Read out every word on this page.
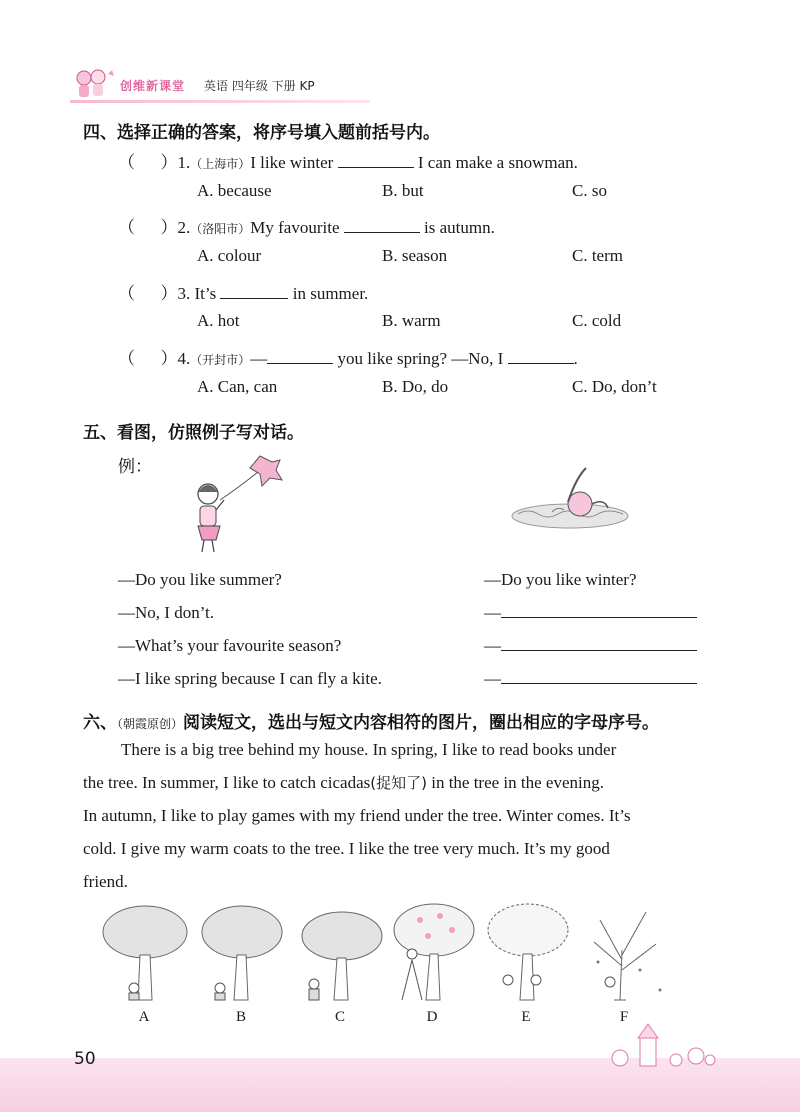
创维新课堂 英语 四年级 下册 KP
四、选择正确的答案，将序号填入题前括号内。
（      ）1.（上海市）I like winter	I can make a snowman.
A. because	B. but	C. so
（      ）2.（洛阳市）My favourite	is autumn.
A. colour	B. season	C. term
（      ）3. It’s	in summer.
A. hot	B. warm	C. cold
（      ）4.（开封市）—	you like spring? —No, I	.
A. Can, can	B. Do, do	C. Do, don’t
五、看图，仿照例子写对话。
例：
—Do you like summer?
—No, I don’t.
—What’s your favourite season?
—I like spring because I can fly a kite.
—Do you like winter?
—
—
—
六、（朝霞原创）阅读短文，选出与短文内容相符的图片，圈出相应的字母序号。
There is a big tree behind my house. In spring, I like to read books under
the tree. In summer, I like to catch cicadas(捉知了) in the tree in the evening.
In autumn, I like to play games with my friend under the tree. Winter comes. It’s
cold. I give my warm coats to the tree. I like the tree very much. It’s my good
friend.
A	B	C	D	E	F
50
